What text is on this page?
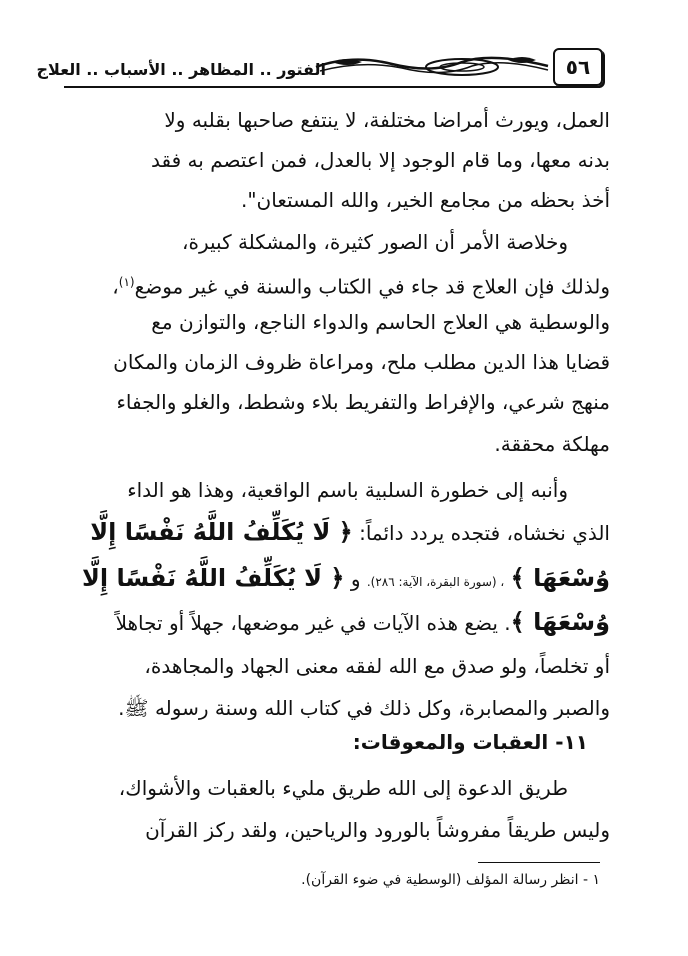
٥٦
الفتور .. المظاهر .. الأسباب .. العلاج
العمل، ويورث أمراضا مختلفة، لا ينتفع صاحبها بقلبه ولا
بدنه معها، وما قام الوجود إلا بالعدل، فمن اعتصم به فقد
أخذ بحظه من مجامع الخير، والله المستعان".
وخلاصة الأمر أن الصور كثيرة، والمشكلة كبيرة،
ولذلك فإن العلاج قد جاء في الكتاب والسنة في غير موضع$^{(١)}$،
والوسطية هي العلاج الحاسم والدواء الناجع، والتوازن مع
قضايا هذا الدين مطلب ملح، ومراعاة ظروف الزمان والمكان
منهج شرعي، والإفراط والتفريط بلاء وشطط، والغلو والجفاء
مهلكة محققة.
وأنبه إلى خطورة السلبية باسم الواقعية، وهذا هو الداء
الذي نخشاه، فتجده يردد دائماً: ﴿ لَا يُكَلِّفُ اللَّهُ نَفْسًا إِلَّا
وُسْعَهَا ﴾ ، (سورة البقرة، الآية: ٢٨٦). و ﴿ لَا يُكَلِّفُ اللَّهُ نَفْسًا إِلَّا
وُسْعَهَا ﴾. يضع هذه الآيات في غير موضعها، جهلاً أو تجاهلاً
أو تخلصاً، ولو صدق مع الله لفقه معنى الجهاد والمجاهدة،
والصبر والمصابرة، وكل ذلك في كتاب الله وسنة رسوله ﷺ.
١١- العقبات والمعوقات:
طريق الدعوة إلى الله طريق مليء بالعقبات والأشواك،
وليس طريقاً مفروشاً بالورود والرياحين، ولقد ركز القرآن
١ - انظر رسالة المؤلف (الوسطية في ضوء القرآن).
